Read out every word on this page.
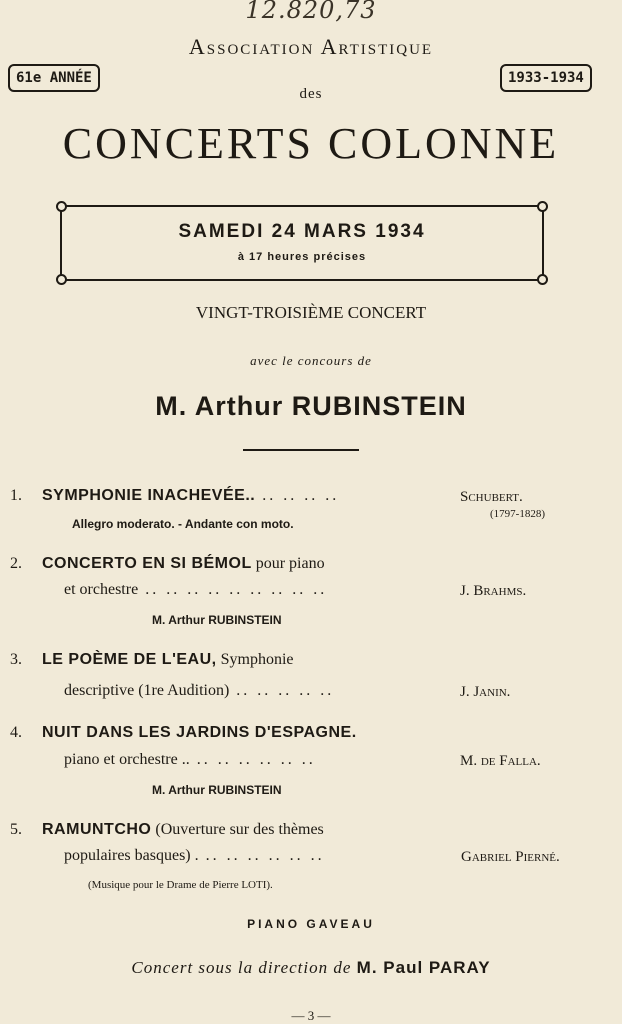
12.820,73
Association Artistique
des
61e ANNÉE	1933-1934
CONCERTS COLONNE
SAMEDI 24 MARS 1934
à 17 heures précises
VINGT-TROISIÈME CONCERT
avec le concours de
M. Arthur RUBINSTEIN
1. SYMPHONIE INACHEVÉE.. .. .. .. ..	Schubert.
(1797-1828)
Allegro moderato. - Andante con moto.
2. CONCERTO EN SI BÉMOL pour piano
et orchestre .. .. .. .. .. .. .. .. ..	J. Brahms.
M. Arthur RUBINSTEIN
3. LE POÈME DE L'EAU, Symphonie
descriptive (1re Audition) .. .. .. .. ..	J. Janin.
4. NUIT DANS LES JARDINS D'ESPAGNE.
piano et orchestre .. .. .. .. .. .. ..	M. de Falla.
M. Arthur RUBINSTEIN
5. RAMUNTCHO (Ouverture sur des thèmes
populaires basques) . .. .. .. .. .. ..	Gabriel Pierné.
(Musique pour le Drame de Pierre LOTI).
PIANO GAVEAU
Concert sous la direction de M. Paul PARAY
— 3 —
